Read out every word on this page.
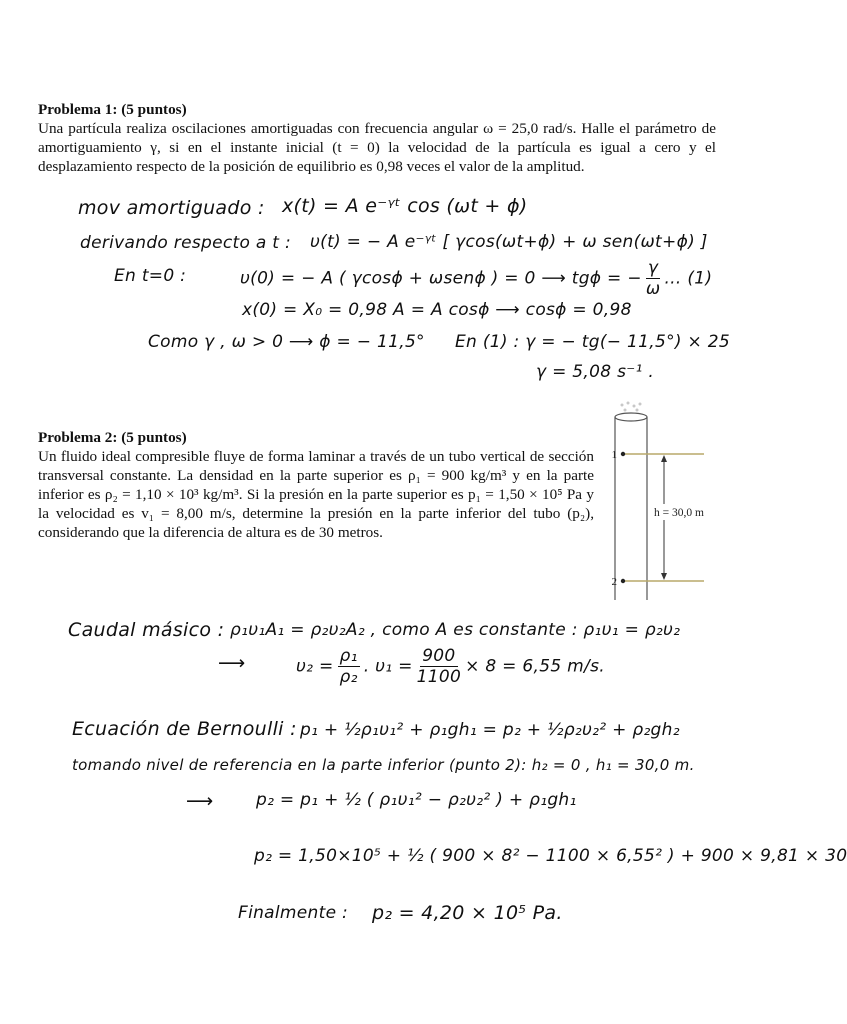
Problema 1: (5 puntos)

Una partícula realiza oscilaciones amortiguadas con frecuencia angular ω = 25,0 rad/s. Halle el parámetro de amortiguamiento γ, si en el instante inicial (t = 0) la velocidad de la partícula es igual a cero y el desplazamiento respecto de la posición de equilibrio es 0,98 veces el valor de la amplitud.

mov amortiguado : x(t) = A e⁻ᵞᵗ cos (ωt + ϕ)
derivando respecto a t : υ(t) = − A e⁻ᵞᵗ [ γcos(ωt+ϕ) + ω sen(ωt+ϕ) ]
En t=0 :	υ(0) = − A ( γcosϕ + ωsenϕ ) = 0 ⟶ tgϕ = − $\frac{\gamma}{\omega}$ … (1)
x(0) = X₀ = 0,98 A = A cosϕ ⟶ cosϕ = 0,98
Como γ , ω > 0 ⟶ ϕ = − 11,5° En (1) : γ = − tg(− 11,5°) × 25
γ = 5,08 s⁻¹ .
Problema 2: (5 puntos)

Un fluido ideal compresible fluye de forma laminar a través de un tubo vertical de sección transversal constante. La densidad en la parte superior es ρ₁ = 900 kg/m³ y en la parte inferior es ρ₂ = 1,10 × 10³ kg/m³. Si la presión en la parte superior es p₁ = 1,50 × 10⁵ Pa y la velocidad es v₁ = 8,00 m/s, determine la presión en la parte inferior del tubo (p₂), considerando que la diferencia de altura es de 30 metros.

1
2
h = 30,0 m
Caudal másico : ρ₁υ₁A₁ = ρ₂υ₂A₂ , como A es constante : ρ₁υ₁ = ρ₂υ₂
⟶	$\upsilon_2 = \frac{\text{ρ₁}}{\text{ρ₂}}$ . $\upsilon_1 = \frac{900}{1100} \times 8 = 6,55$ m/s.
Ecuación de Bernoulli : p₁ + ½ρ₁υ₁² + ρ₁gh₁ = p₂ + ½ρ₂υ₂² + ρ₂gh₂
tomando nivel de referencia en la parte inferior (punto 2): h₂ = 0 , h₁ = 30,0 m.
⟶ p₂ = p₁ + ½ ( ρ₁υ₁² − ρ₂υ₂² ) + ρ₁gh₁
p₂ = 1,50×10⁵ + ½ ( 900 × 8² − 1100 × 6,55² ) + 900 × 9,81 × 30
Finalmente : p₂ = 4,20 × 10⁵ Pa.
